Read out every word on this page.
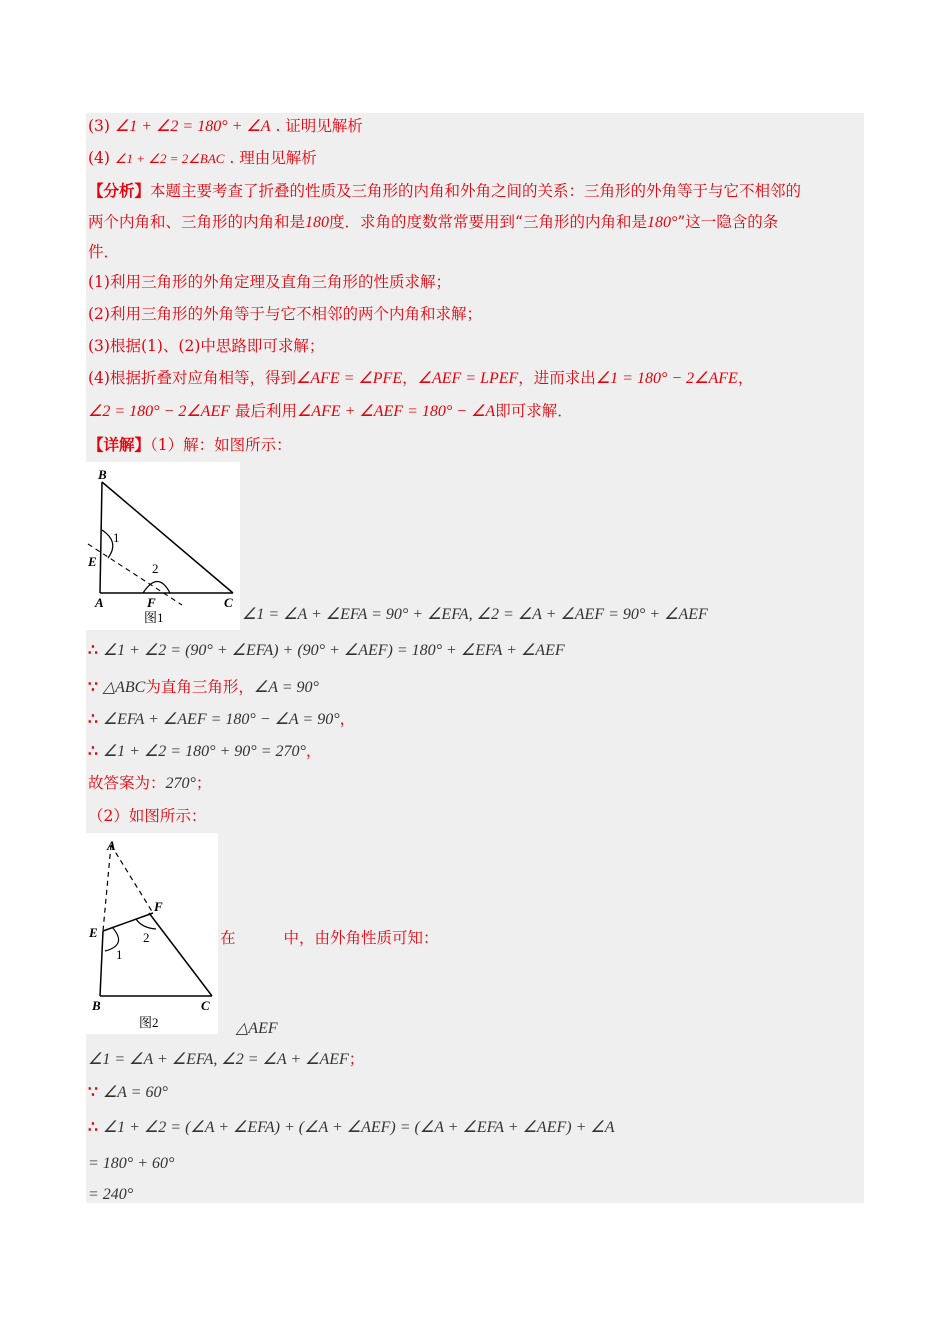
(3) ∠1 + ∠2 = 180° + ∠A . 证明见解析
(4) ∠1 + ∠2 = 2∠BAC . 理由见解析
【分析】本题主要考查了折叠的性质及三角形的内角和外角之间的关系：三角形的外角等于与它不相邻的
两个内角和、三角形的内角和是180度．求角的度数常常要用到“三角形的内角和是180°”这一隐含的条
件．
(1)利用三角形的外角定理及直角三角形的性质求解；
(2)利用三角形的外角等于与它不相邻的两个内角和求解；
(3)根据(1)、(2)中思路即可求解；
(4)根据折叠对应角相等，得到∠AFE = ∠PFE，∠AEF = LPEF，进而求出∠1 = 180° − 2∠AFE，
∠2 = 180° − 2∠AEF 最后利用∠AFE + ∠AEF = 180° − ∠A即可求解．
【详解】（1）解：如图所示：
B
E
A	F	C
1
2
图1	∠1 = ∠A + ∠EFA = 90° + ∠EFA, ∠2 = ∠A + ∠AEF = 90° + ∠AEF
∴ ∠1 + ∠2 = (90° + ∠EFA) + (90° + ∠AEF) = 180° + ∠EFA + ∠AEF
∵ △ABC为直角三角形，∠A = 90°
∴ ∠EFA + ∠AEF = 180° − ∠A = 90°，
∴ ∠1 + ∠2 = 180° + 90° = 270°，
故答案为：270°；
（2）如图所示：
A
F
E
B	C
2
1
图2
在	中，由外角性质可知：
△AEF
∠1 = ∠A + ∠EFA, ∠2 = ∠A + ∠AEF；
∵ ∠A = 60°
∴ ∠1 + ∠2 = (∠A + ∠EFA) + (∠A + ∠AEF) = (∠A + ∠EFA + ∠AEF) + ∠A
= 180° + 60°
= 240°
